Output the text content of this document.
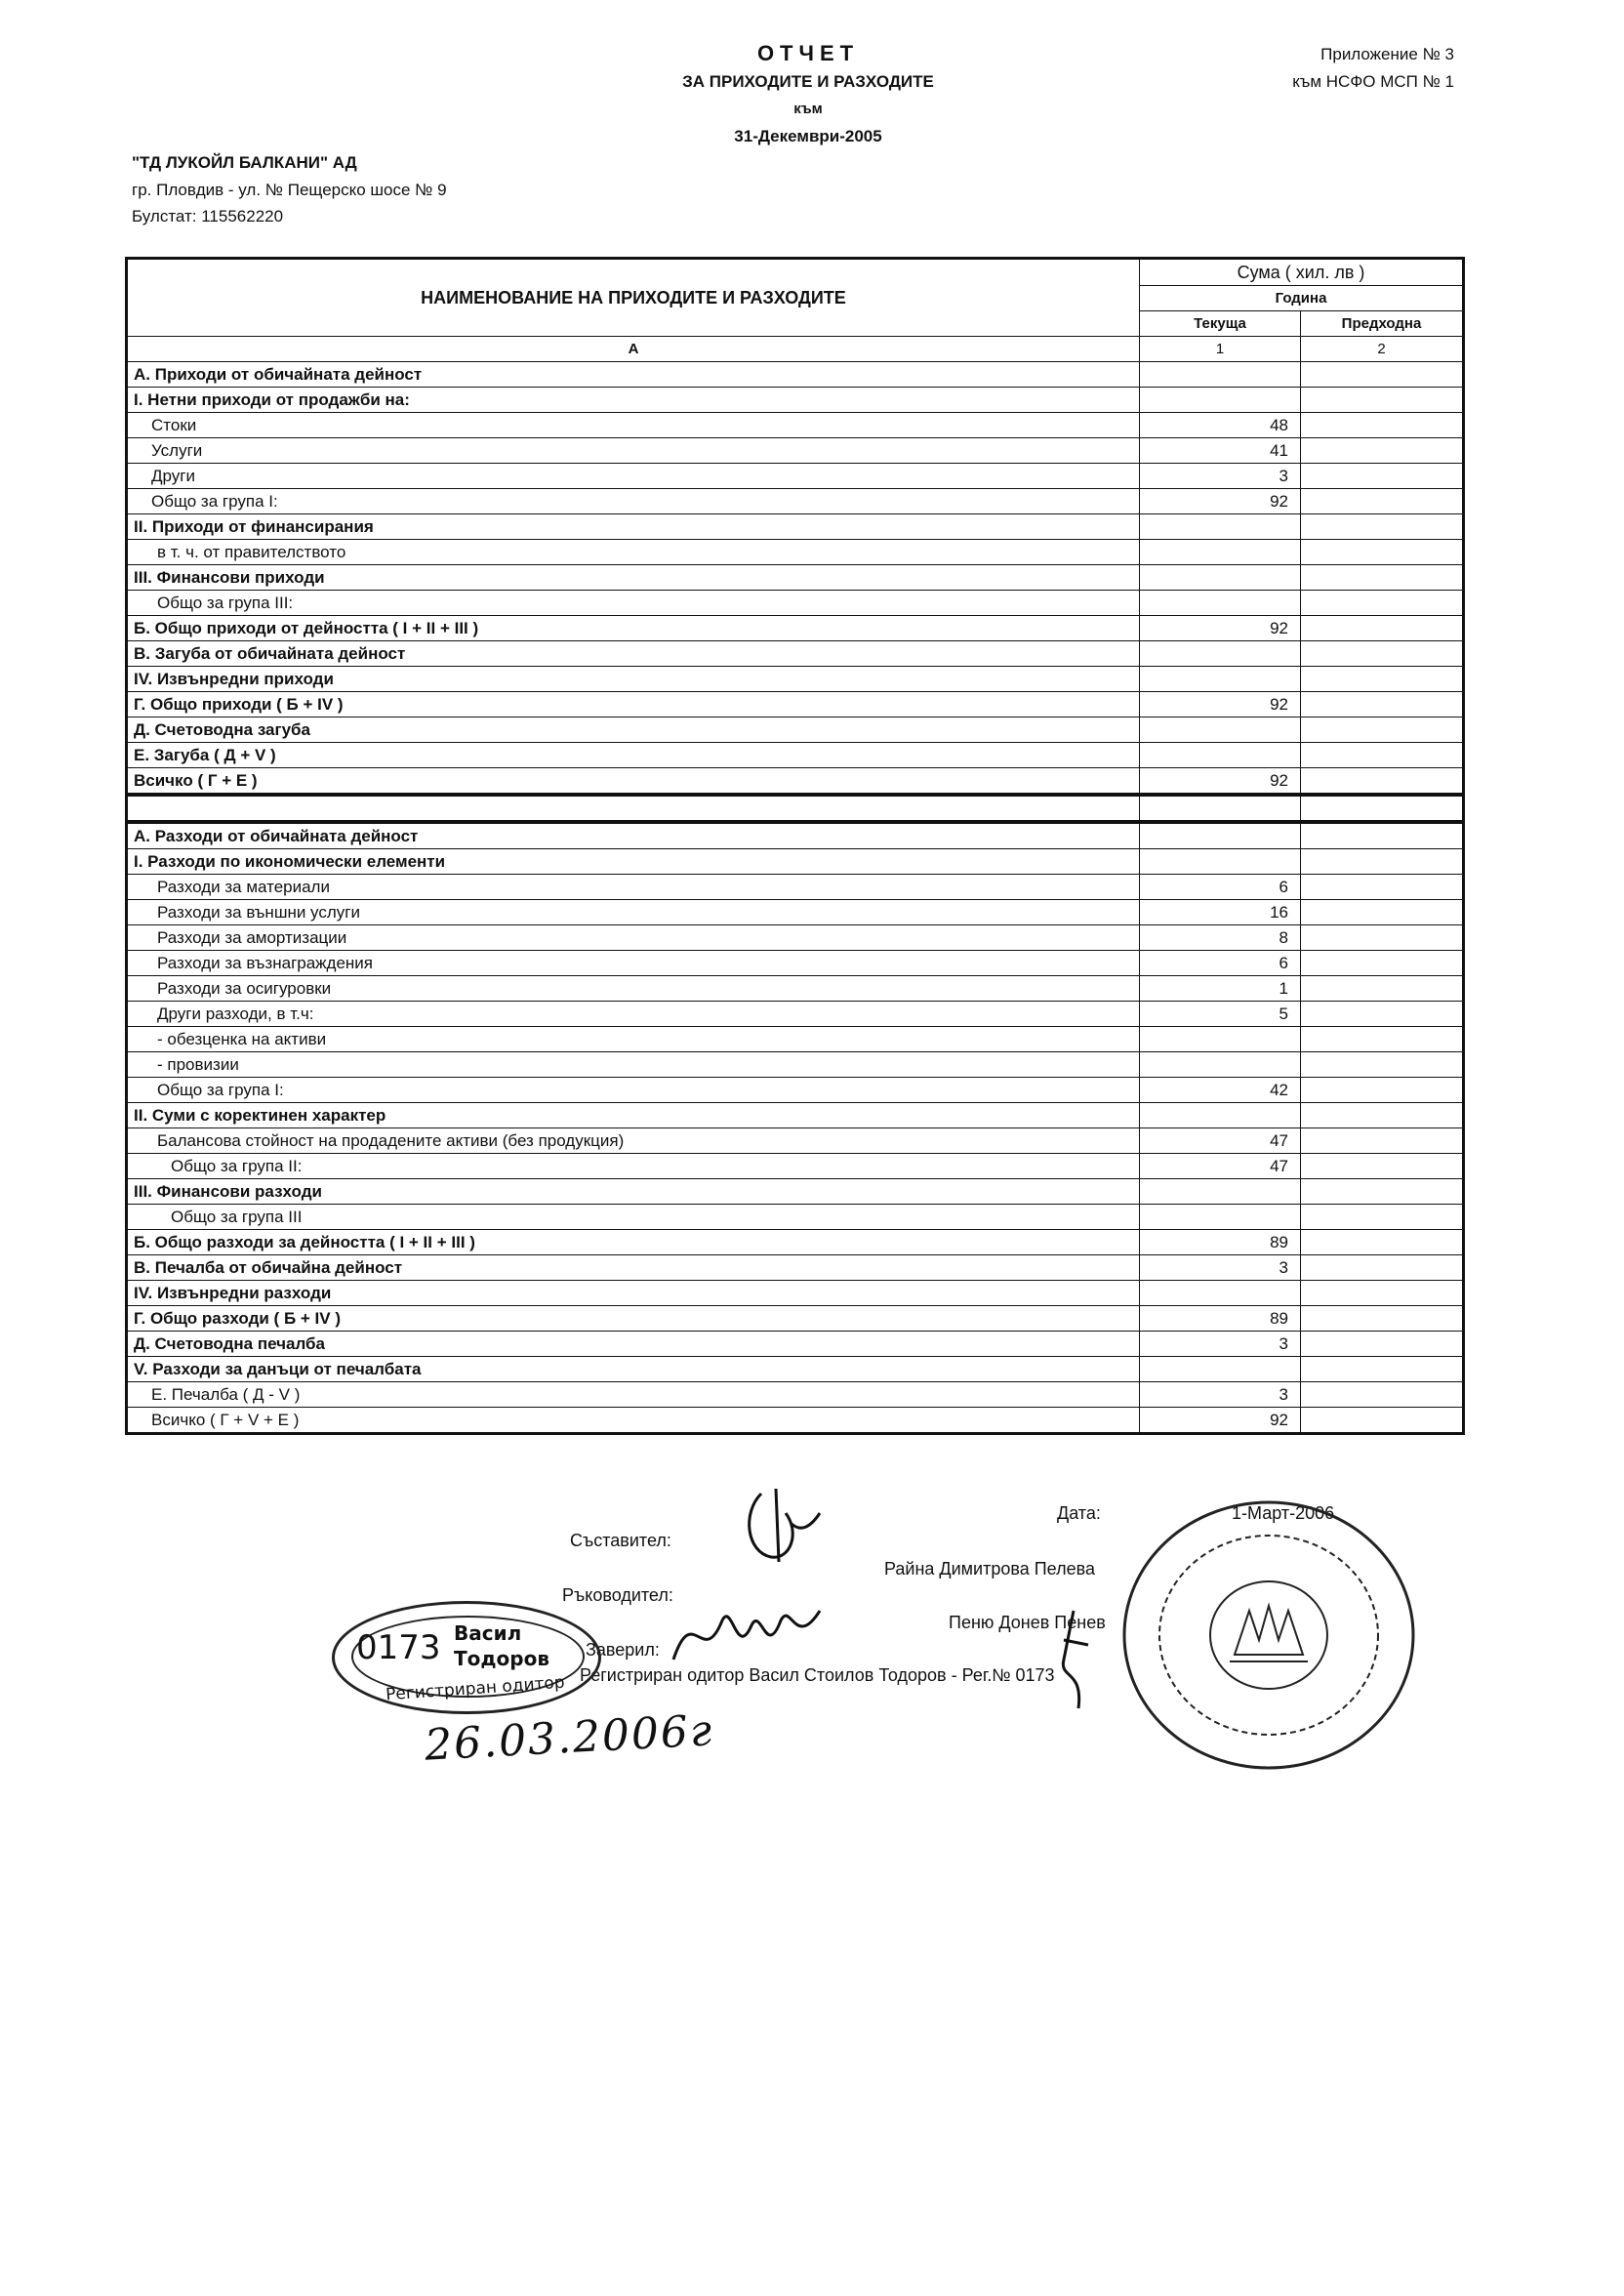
ОТЧЕТ
ЗА ПРИХОДИТЕ И РАЗХОДИТЕ
към
31-Декември-2005
Приложение № 3
към НСФО МСП № 1
"ТД ЛУКОЙЛ БАЛКАНИ" АД
гр. Пловдив - ул. № Пещерско шосе № 9
Булстат: 115562220
НАИМЕНОВАНИЕ НА ПРИХОДИТЕ И РАЗХОДИТЕ	Сума ( хил. лв )	
	Година	
	Текуща	Предходна
А	1	2
А. Приходи от обичайната дейност		
I. Нетни приходи от продажби на:		
Стоки	48	
Услуги	41	
Други	3	
Общо за група I:	92	
II. Приходи от финансирания		
в т. ч. от правителството		
III. Финансови приходи		
Общо за група III:		
Б. Общо приходи от дейността ( I + II + III )	92	
В. Загуба от обичайната дейност		
IV. Извънредни приходи		
Г. Общо приходи ( Б + IV )	92	
Д. Счетоводна загуба		
Е. Загуба ( Д + V )		
Всичко ( Г + Е )	92	

А. Разходи от обичайната дейност		
I. Разходи по икономически елементи		
Разходи за материали	6	
Разходи за външни услуги	16	
Разходи за амортизации	8	
Разходи за възнаграждения	6	
Разходи за осигуровки	1	
Други разходи, в т.ч:	5	
- обезценка на активи		
- провизии		
Общо за група I:	42	
II. Суми с коректинен характер		
Балансова стойност на продадените активи (без продукция)	47	
Общо за група II:	47	
III. Финансови разходи		
Общо за група III		
Б. Общо разходи за дейността ( I + II + III )	89	
В. Печалба от обичайна дейност	3	
IV. Извънредни разходи		
Г. Общо разходи ( Б + IV )	89	
Д. Счетоводна печалба	3	
V. Разходи за данъци от печалбата		
Е. Печалба ( Д - V )	3	
Всичко ( Г + V + Е )	92	
Дата:	1-Март-2006
Съставител:
Райна Димитрова Пелева
Ръководител:
Пеню Донев Пенев
Заверил:
Регистриран одитор Васил Стоилов Тодоров - Рег.№ 0173
0173 Васил
Тодоров
Регистриран одитор
26.03.2006г
